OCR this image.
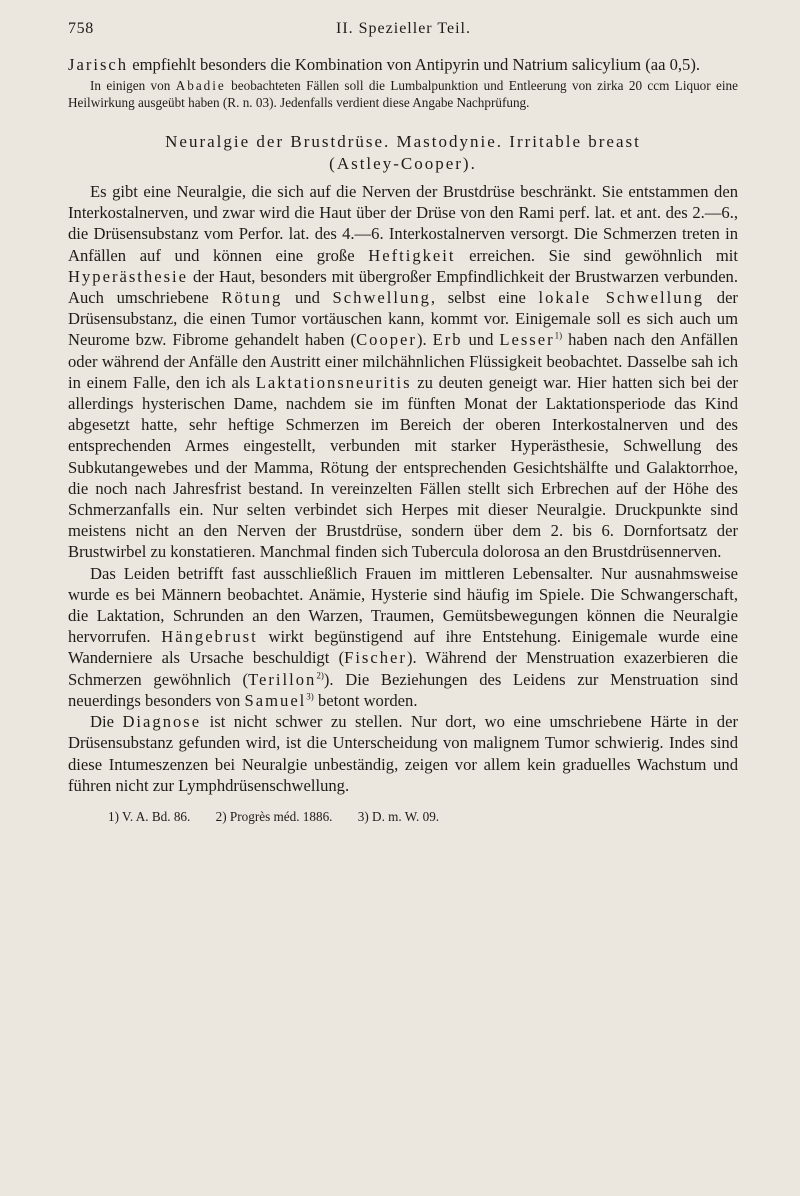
758	II. Spezieller Teil.

Jarisch empfiehlt besonders die Kombination von Antipyrin und Natrium salicylium (aa 0,5).

In einigen von Abadie beobachteten Fällen soll die Lumbalpunktion und Entleerung von zirka 20 ccm Liquor eine Heilwirkung ausgeübt haben (R. n. 03). Jedenfalls verdient diese Angabe Nachprüfung.

Neuralgie der Brustdrüse. Mastodynie. Irritable breast
(Astley-Cooper).

Es gibt eine Neuralgie, die sich auf die Nerven der Brustdrüse beschränkt. Sie entstammen den Interkostalnerven, und zwar wird die Haut über der Drüse von den Rami perf. lat. et ant. des 2.—6., die Drüsensubstanz vom Perfor. lat. des 4.—6. Interkostalnerven versorgt. Die Schmerzen treten in Anfällen auf und können eine große Heftigkeit erreichen. Sie sind gewöhnlich mit Hyperästhesie der Haut, besonders mit übergroßer Empfindlichkeit der Brustwarzen verbunden. Auch umschriebene Rötung und Schwellung, selbst eine lokale Schwellung der Drüsensubstanz, die einen Tumor vortäuschen kann, kommt vor. Einigemale soll es sich auch um Neurome bzw. Fibrome gehandelt haben (Cooper). Erb und Lesser$^{1)}$ haben nach den Anfällen oder während der Anfälle den Austritt einer milchähnlichen Flüssigkeit beobachtet. Dasselbe sah ich in einem Falle, den ich als Laktationsneuritis zu deuten geneigt war. Hier hatten sich bei der allerdings hysterischen Dame, nachdem sie im fünften Monat der Laktationsperiode das Kind abgesetzt hatte, sehr heftige Schmerzen im Bereich der oberen Interkostalnerven und des entsprechenden Armes eingestellt, verbunden mit starker Hyperästhesie, Schwellung des Subkutangewebes und der Mamma, Rötung der entsprechenden Gesichtshälfte und Galaktorrhoe, die noch nach Jahresfrist bestand. In vereinzelten Fällen stellt sich Erbrechen auf der Höhe des Schmerzanfalls ein. Nur selten verbindet sich Herpes mit dieser Neuralgie. Druckpunkte sind meistens nicht an den Nerven der Brustdrüse, sondern über dem 2. bis 6. Dornfortsatz der Brustwirbel zu konstatieren. Manchmal finden sich Tubercula dolorosa an den Brustdrüsennerven.

Das Leiden betrifft fast ausschließlich Frauen im mittleren Lebensalter. Nur ausnahmsweise wurde es bei Männern beobachtet. Anämie, Hysterie sind häufig im Spiele. Die Schwangerschaft, die Laktation, Schrunden an den Warzen, Traumen, Gemütsbewegungen können die Neuralgie hervorrufen. Hängebrust wirkt begünstigend auf ihre Entstehung. Einigemale wurde eine Wanderniere als Ursache beschuldigt (Fischer). Während der Menstruation exazerbieren die Schmerzen gewöhnlich (Terillon$^{2)}$). Die Beziehungen des Leidens zur Menstruation sind neuerdings besonders von Samuel$^{3)}$ betont worden.

Die Diagnose ist nicht schwer zu stellen. Nur dort, wo eine umschriebene Härte in der Drüsensubstanz gefunden wird, ist die Unterscheidung von malignem Tumor schwierig. Indes sind diese Intumeszenzen bei Neuralgie unbeständig, zeigen vor allem kein graduelles Wachstum und führen nicht zur Lymphdrüsenschwellung.

1) V. A. Bd. 86. 2) Progrès méd. 1886. 3) D. m. W. 09.
